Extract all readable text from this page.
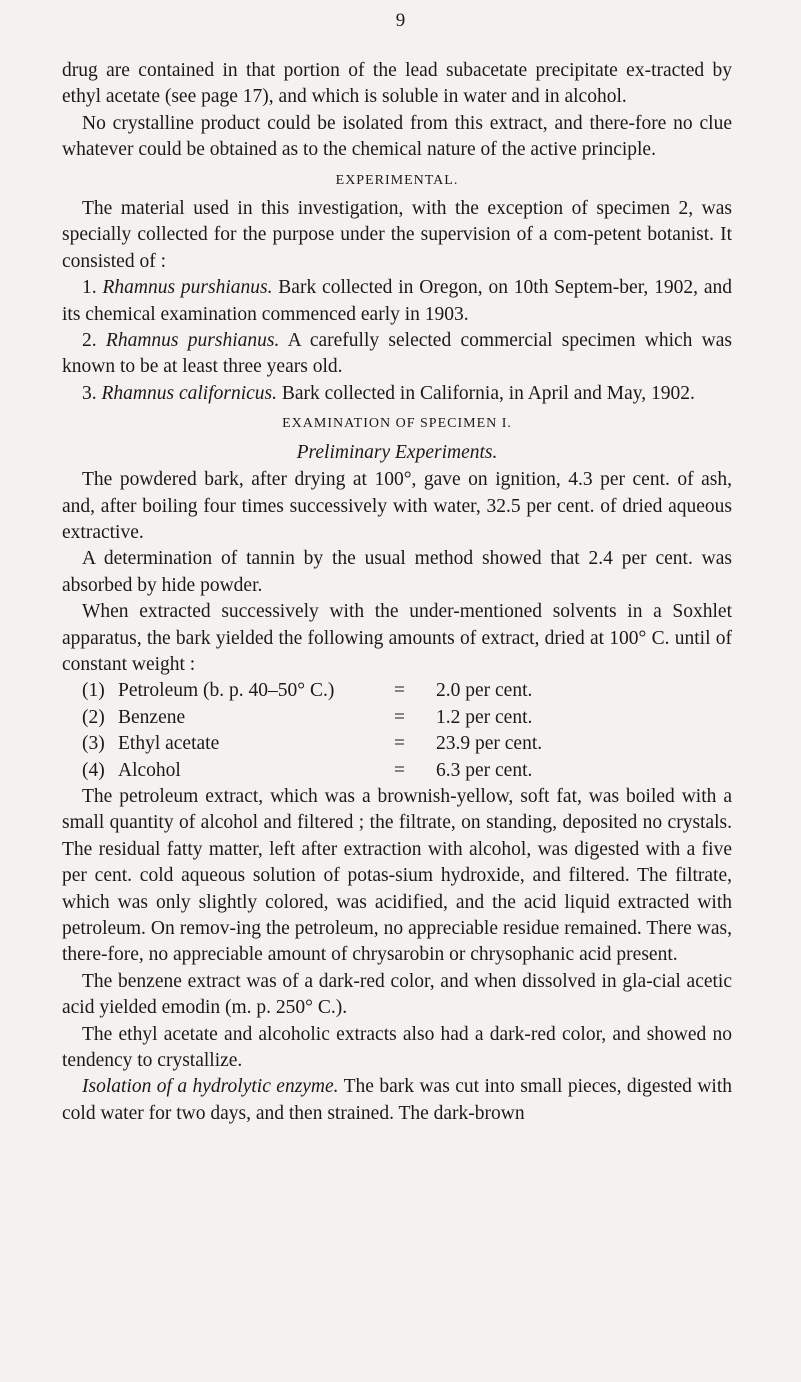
9

drug are contained in that portion of the lead subacetate precipitate ex-tracted by ethyl acetate (see page 17), and which is soluble in water and in alcohol.

No crystalline product could be isolated from this extract, and there-fore no clue whatever could be obtained as to the chemical nature of the active principle.

EXPERIMENTAL.

The material used in this investigation, with the exception of specimen 2, was specially collected for the purpose under the supervision of a com-petent botanist. It consisted of :

1. Rhamnus purshianus. Bark collected in Oregon, on 10th Septem-ber, 1902, and its chemical examination commenced early in 1903.

2. Rhamnus purshianus. A carefully selected commercial specimen which was known to be at least three years old.

3. Rhamnus californicus. Bark collected in California, in April and May, 1902.

EXAMINATION OF SPECIMEN I.
Preliminary Experiments.

The powdered bark, after drying at 100°, gave on ignition, 4.3 per cent. of ash, and, after boiling four times successively with water, 32.5 per cent. of dried aqueous extractive.

A determination of tannin by the usual method showed that 2.4 per cent. was absorbed by hide powder.

When extracted successively with the under-mentioned solvents in a Soxhlet apparatus, the bark yielded the following amounts of extract, dried at 100° C. until of constant weight :

(1)	Petroleum (b. p. 40–50° C.)	=	2.0 per cent.
(2)	Benzene	=	1.2 per cent.
(3)	Ethyl acetate	=	23.9 per cent.
(4)	Alcohol	=	6.3 per cent.

The petroleum extract, which was a brownish-yellow, soft fat, was boiled with a small quantity of alcohol and filtered ; the filtrate, on standing, deposited no crystals. The residual fatty matter, left after extraction with alcohol, was digested with a five per cent. cold aqueous solution of potas-sium hydroxide, and filtered. The filtrate, which was only slightly colored, was acidified, and the acid liquid extracted with petroleum. On remov-ing the petroleum, no appreciable residue remained. There was, there-fore, no appreciable amount of chrysarobin or chrysophanic acid present.

The benzene extract was of a dark-red color, and when dissolved in gla-cial acetic acid yielded emodin (m. p. 250° C.).

The ethyl acetate and alcoholic extracts also had a dark-red color, and showed no tendency to crystallize.

Isolation of a hydrolytic enzyme. The bark was cut into small pieces, digested with cold water for two days, and then strained. The dark-brown
